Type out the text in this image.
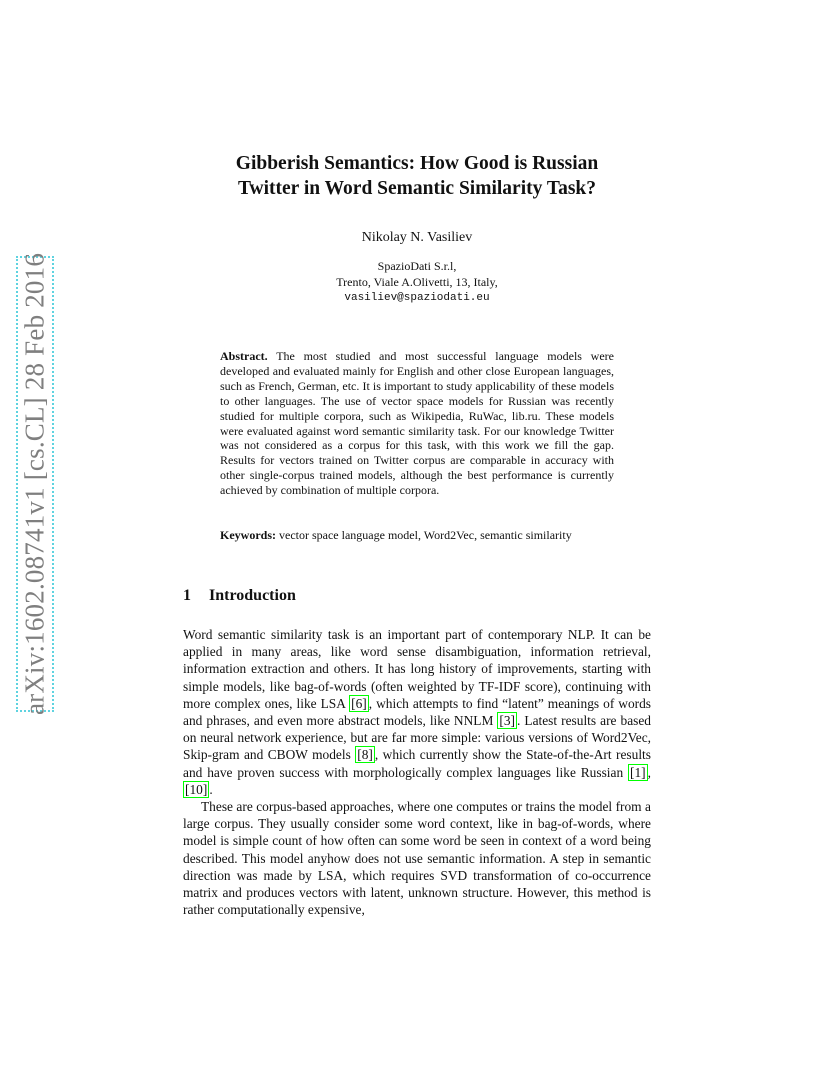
arXiv:1602.08741v1 [cs.CL] 28 Feb 2016
Gibberish Semantics: How Good is Russian
Twitter in Word Semantic Similarity Task?
Nikolay N. Vasiliev
SpazioDati S.r.l,
Trento, Viale A.Olivetti, 13, Italy,
vasiliev@spaziodati.eu
Abstract. The most studied and most successful language models were developed and evaluated mainly for English and other close European languages, such as French, German, etc. It is important to study applicability of these models to other languages. The use of vector space models for Russian was recently studied for multiple corpora, such as Wikipedia, RuWac, lib.ru. These models were evaluated against word semantic similarity task. For our knowledge Twitter was not considered as a corpus for this task, with this work we fill the gap. Results for vectors trained on Twitter corpus are comparable in accuracy with other single-corpus trained models, although the best performance is currently achieved by combination of multiple corpora.
Keywords: vector space language model, Word2Vec, semantic similarity
1 Introduction

Word semantic similarity task is an important part of contemporary NLP. It can be applied in many areas, like word sense disambiguation, information retrieval, information extraction and others. It has long history of improvements, starting with simple models, like bag-of-words (often weighted by TF-IDF score), continuing with more complex ones, like LSA [6] , which attempts to find “latent” meanings of words and phrases, and even more abstract models, like NNLM [3] . Latest results are based on neural network experience, but are far more simple: various versions of Word2Vec, Skip-gram and CBOW models [8] , which currently show the State-of-the-Art results and have proven success with morphologically complex languages like Russian [1] , [10] .

These are corpus-based approaches, where one computes or trains the model from a large corpus. They usually consider some word context, like in bag-of-words, where model is simple count of how often can some word be seen in context of a word being described. This model anyhow does not use semantic information. A step in semantic direction was made by LSA, which requires SVD transformation of co-occurrence matrix and produces vectors with latent, unknown structure. However, this method is rather computationally expensive,
